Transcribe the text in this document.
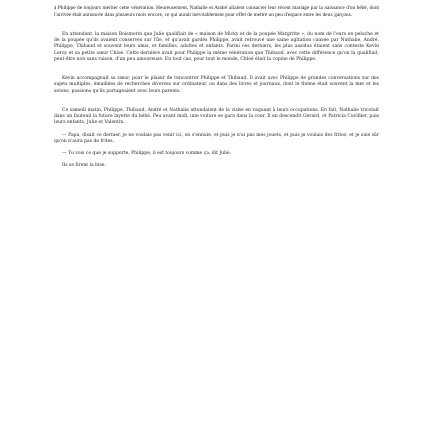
à Philippe de toujours mériter cette vénération. Heureusement, Nathalie et André allaient consacrer leur récent mariage par la naissance d'un bébé, dont l'arrivée était annoncée dans plusieurs mois encore, ce qui aurait inévitablement pour effet de mettre un peu d'espace entre les deux garçons.

En attendant, la maison Boismorin que Julie qualifiait de « maison de Micky et de la poupée Margritte », du nom de l'ours en peluche et de la poupée qu'ils avaient conservés sur l'île, et qu'avait gardés Philippe, avait retrouvé une saine agitation causée par Nathalie, André, Philippe, Thibaud et souvent leurs amis, et familles, adultes et enfants. Parmi ces derniers, les plus assidus étaient sans conteste Kevin Leroy et sa petite sœur Chloé. Cette dernière avait pour Philippe la même vénération que Thibaud, avec cette différence qu'on la qualifiait, peut-être non sans raison, d'un peu amoureuse. En tout cas, pour tout le monde, Chloé était la copine de Philippe.

Kevin accompagnait sa sœur, pour le plaisir de rencontrer Philippe et Thibaud. Il avait avec Philippe de grandes conversations sur des sujets multiples, émaillées de recherches diverses sur ordinateur, ou dans des livres et journaux, dont le thème était souvent la mer et les avions, passions qu'ils partageaient avec leurs parents.

Ce samedi matin, Philippe, Thibaud, André et Nathalie attendaient de la visite en vaquant à leurs occupations. En fait, Nathalie tricotait dans un fauteuil la future layette du bébé. Peu avant midi, une voiture se gara dans la cour. Il en descendit Gérard, et Patricia Cuvillier, puis leurs enfants, Julie et Valentin.

— Papa, disait ce dernier, je ne voulais pas venir ici, on s'ennuie, et puis je n'ai pas mes jouets, et puis je voulais des frites, et je suis sûr qu'on n'aura pas de frites.

— Tu vois ce que je supporte, Philippe, il est toujours comme ça, dit Julie.

Ils se firent la bise.
